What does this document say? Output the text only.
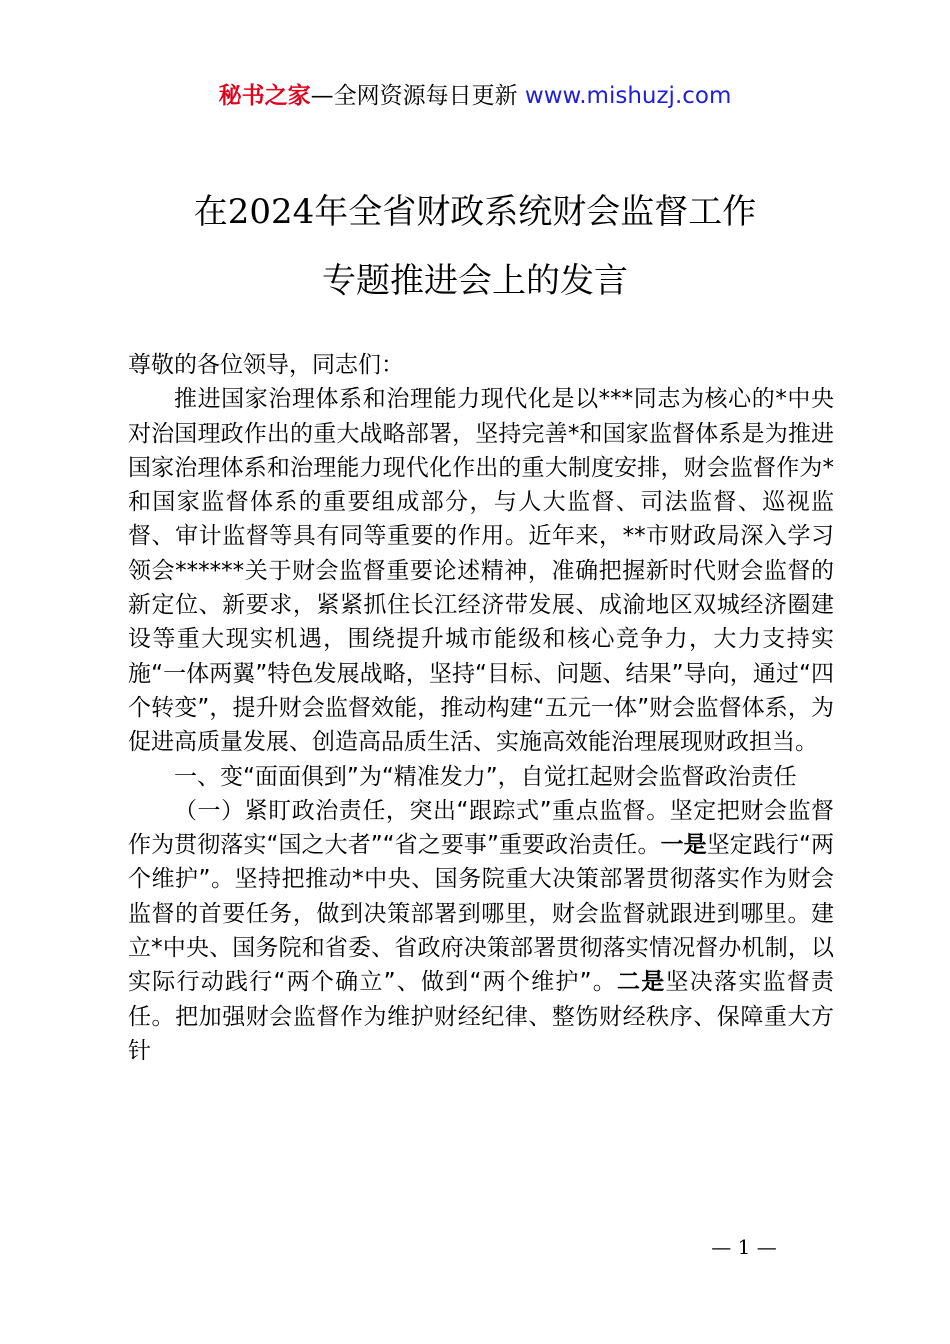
秘书之家—全网资源每日更新 www.mishuzj.com
在2024年全省财政系统财会监督工作
专题推进会上的发言

尊敬的各位领导，同志们：

推进国家治理体系和治理能力现代化是以***同志为核心的*中央对治国理政作出的重大战略部署，坚持完善*和国家监督体系是为推进国家治理体系和治理能力现代化作出的重大制度安排，财会监督作为*和国家监督体系的重要组成部分，与人大监督、司法监督、巡视监督、审计监督等具有同等重要的作用。近年来，**市财政局深入学习领会******关于财会监督重要论述精神，准确把握新时代财会监督的新定位、新要求，紧紧抓住长江经济带发展、成渝地区双城经济圈建设等重大现实机遇，围绕提升城市能级和核心竞争力，大力支持实施“一体两翼”特色发展战略，坚持“目标、问题、结果”导向，通过“四个转变”，提升财会监督效能，推动构建“五元一体”财会监督体系，为促进高质量发展、创造高品质生活、实施高效能治理展现财政担当。

一、变“面面俱到”为“精准发力”，自觉扛起财会监督政治责任

（一）紧盯政治责任，突出“跟踪式”重点监督。坚定把财会监督作为贯彻落实“国之大者”“省之要事”重要政治责任。一是坚定践行“两个维护”。坚持把推动*中央、国务院重大决策部署贯彻落实作为财会监督的首要任务，做到决策部署到哪里，财会监督就跟进到哪里。建立*中央、国务院和省委、省政府决策部署贯彻落实情况督办机制，以实际行动践行“两个确立”、做到“两个维护”。二是坚决落实监督责任。把加强财会监督作为维护财经纪律、整饬财经秩序、保障重大方针

— 1 —
